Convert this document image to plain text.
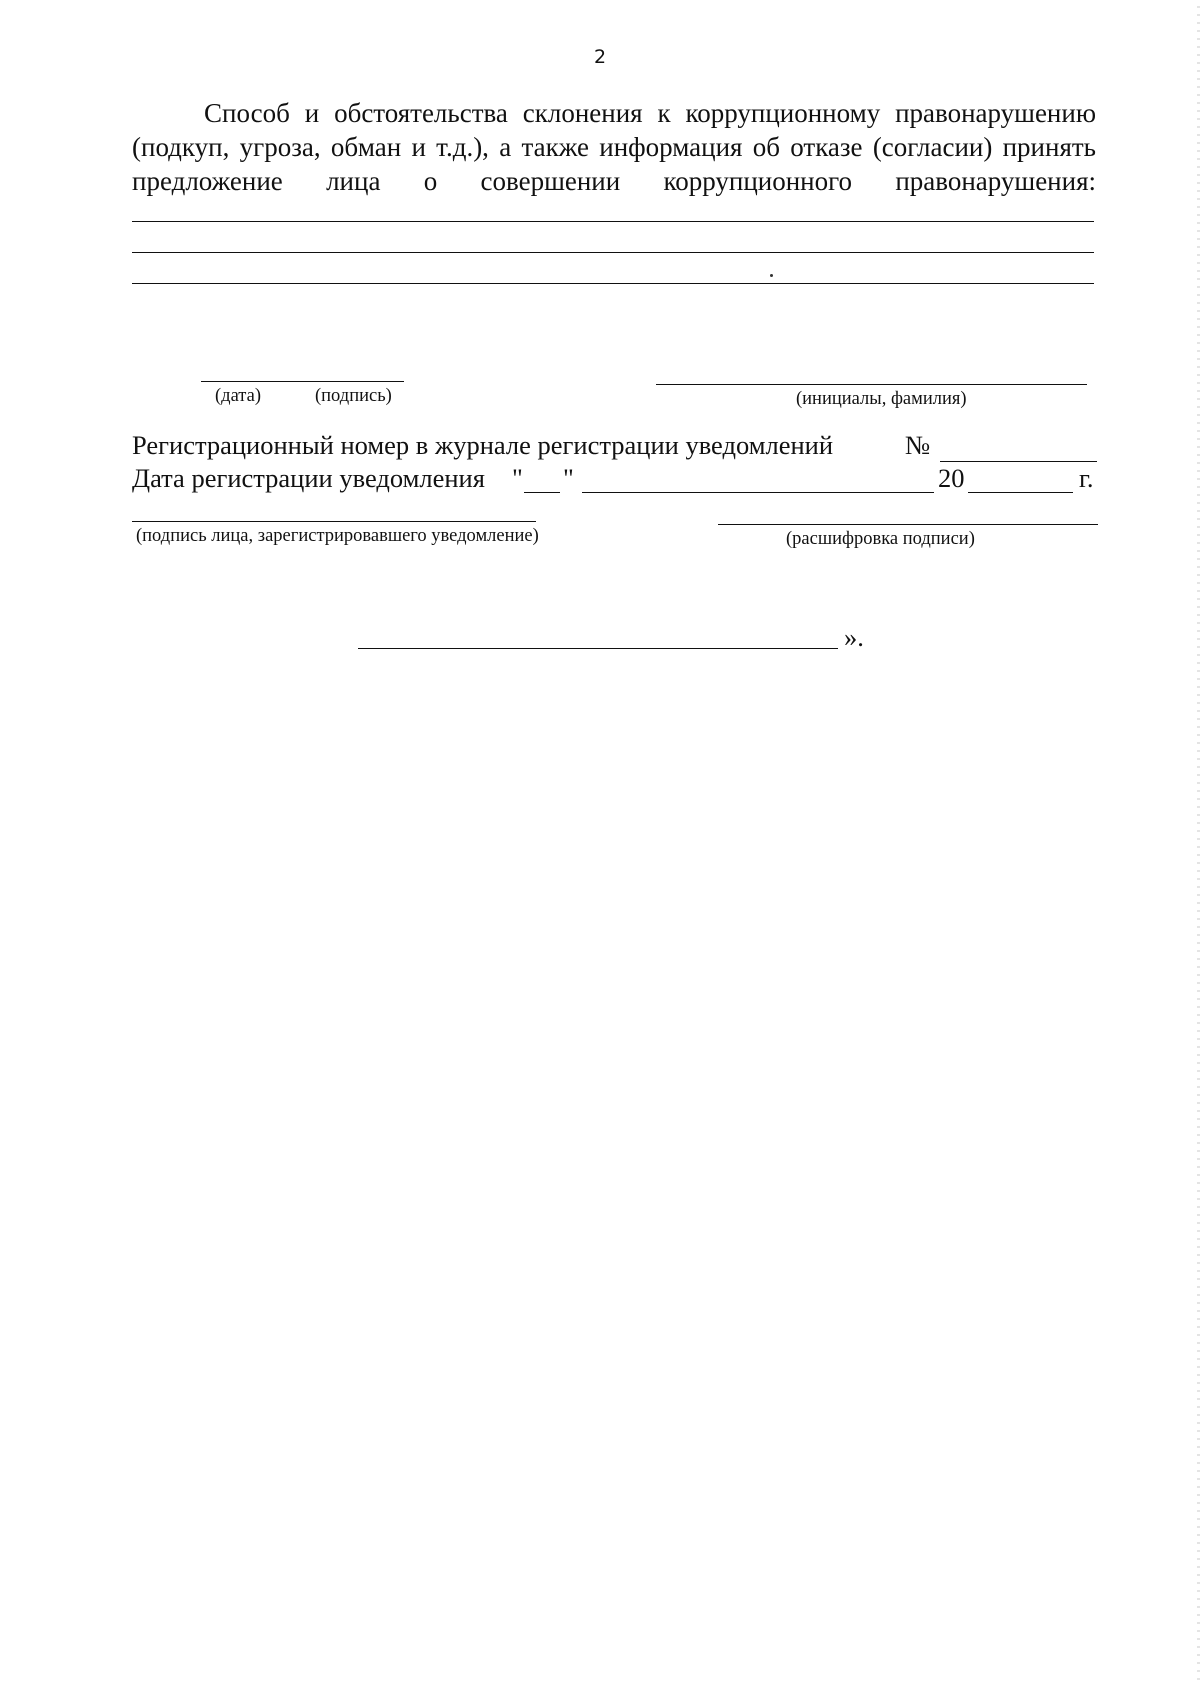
2

Способ и обстоятельства склонения к коррупционному правонарушению (подкуп, угроза, обман и т.д.), а также информация об отказе (согласии) принять предложение лица о совершении коррупционного правонарушения:

(дата)	(подпись)	(инициалы, фамилия)
Регистрационный номер в журнале регистрации уведомлений	№
Дата регистрации уведомления " "	20	г.
(подпись лица, зарегистрировавшего уведомление)	(расшифровка подписи)
».
